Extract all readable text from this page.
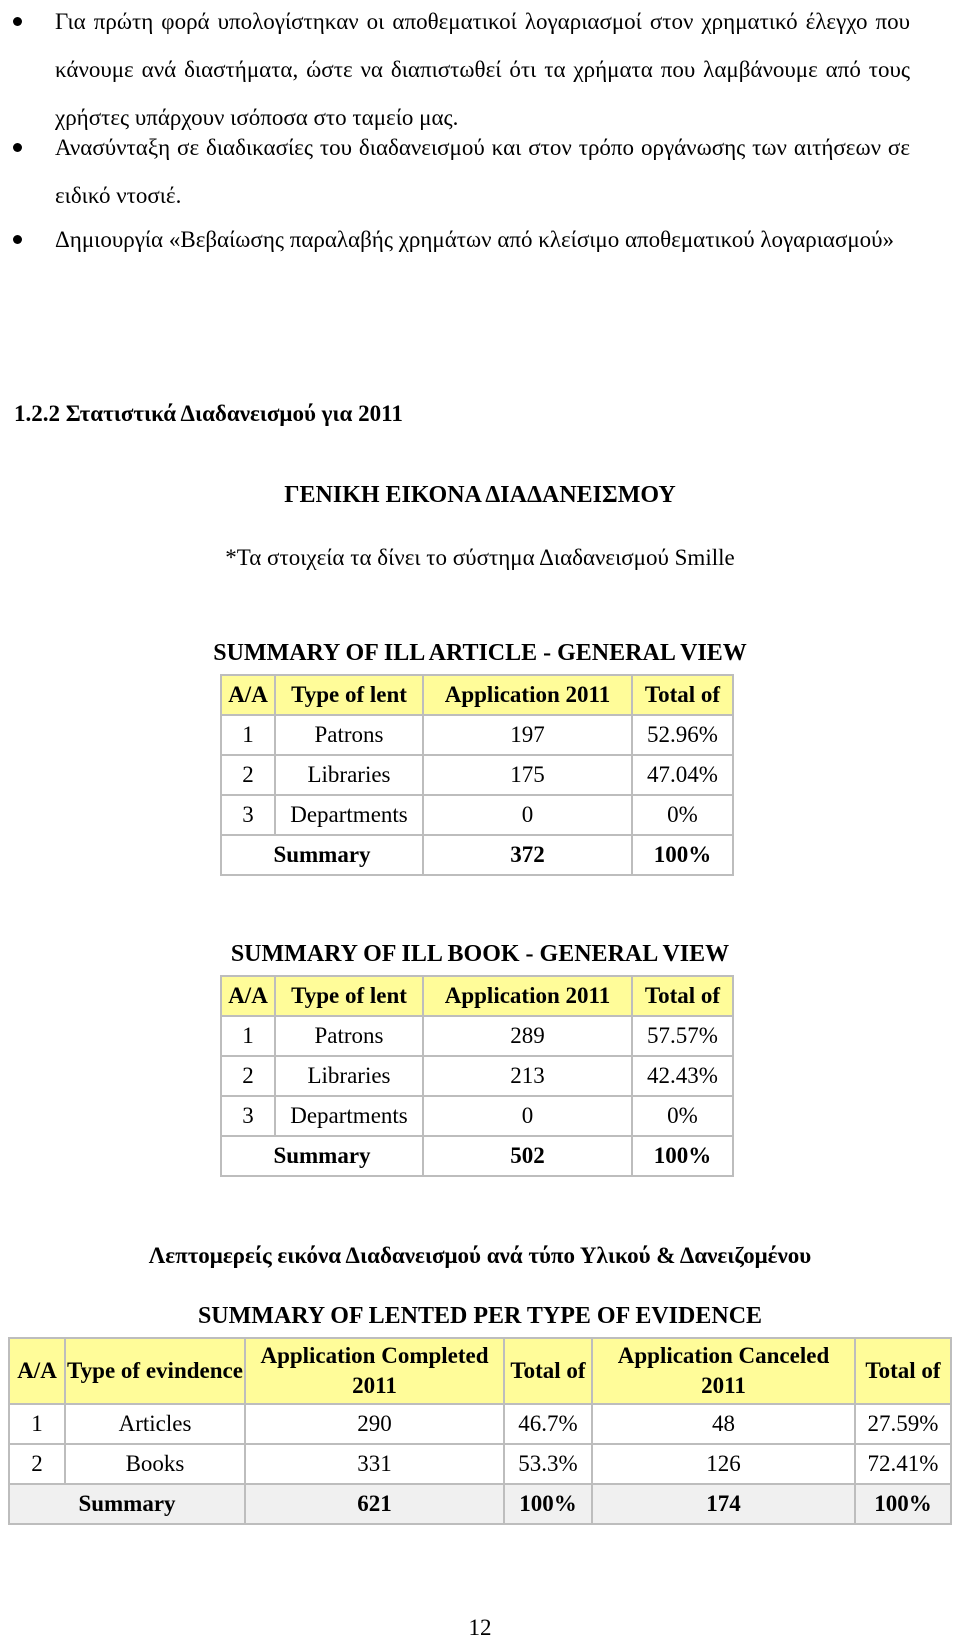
Για πρώτη φορά υπολογίστηκαν οι αποθεματικοί λογαριασμοί στον χρηματικό έλεγχο που κάνουμε ανά διαστήματα, ώστε να διαπιστωθεί ότι τα χρήματα που λαμβάνουμε από τους χρήστες υπάρχουν ισόποσα στο ταμείο μας.
Ανασύνταξη σε διαδικασίες του διαδανεισμού και στον τρόπο οργάνωσης των αιτήσεων σε ειδικό ντοσιέ.
Δημιουργία «Βεβαίωσης παραλαβής χρημάτων από κλείσιμο αποθεματικού λογαριασμού»
1.2.2 Στατιστικά Διαδανεισμού για 2011
ΓΕΝΙΚΗ ΕΙΚΟΝΑ ΔΙΑΔΑΝΕΙΣΜΟΥ
*Τα στοιχεία τα δίνει το σύστημα Διαδανεισμού Smille
SUMMARY OF ILL ARTICLE - GENERAL VIEW
A/A	Type of lent	Application 2011	Total of
1	Patrons	197	52.96%
2	Libraries	175	47.04%
3	Departments	0	0%
Summary		372	100%
SUMMARY OF ILL BOOK - GENERAL VIEW
A/A	Type of lent	Application 2011	Total of
1	Patrons	289	57.57%
2	Libraries	213	42.43%
3	Departments	0	0%
Summary		502	100%
Λεπτομερείς εικόνα Διαδανεισμού ανά τύπο Υλικού & Δανειζομένου
SUMMARY OF LENTED PER TYPE OF EVIDENCE
A/A	Type of evindence	Application Completed 2011	Total of	Application Canceled 2011	Total of
1	Articles	290	46.7%	48	27.59%
2	Books	331	53.3%	126	72.41%
Summary		621	100%	174	100%
12
